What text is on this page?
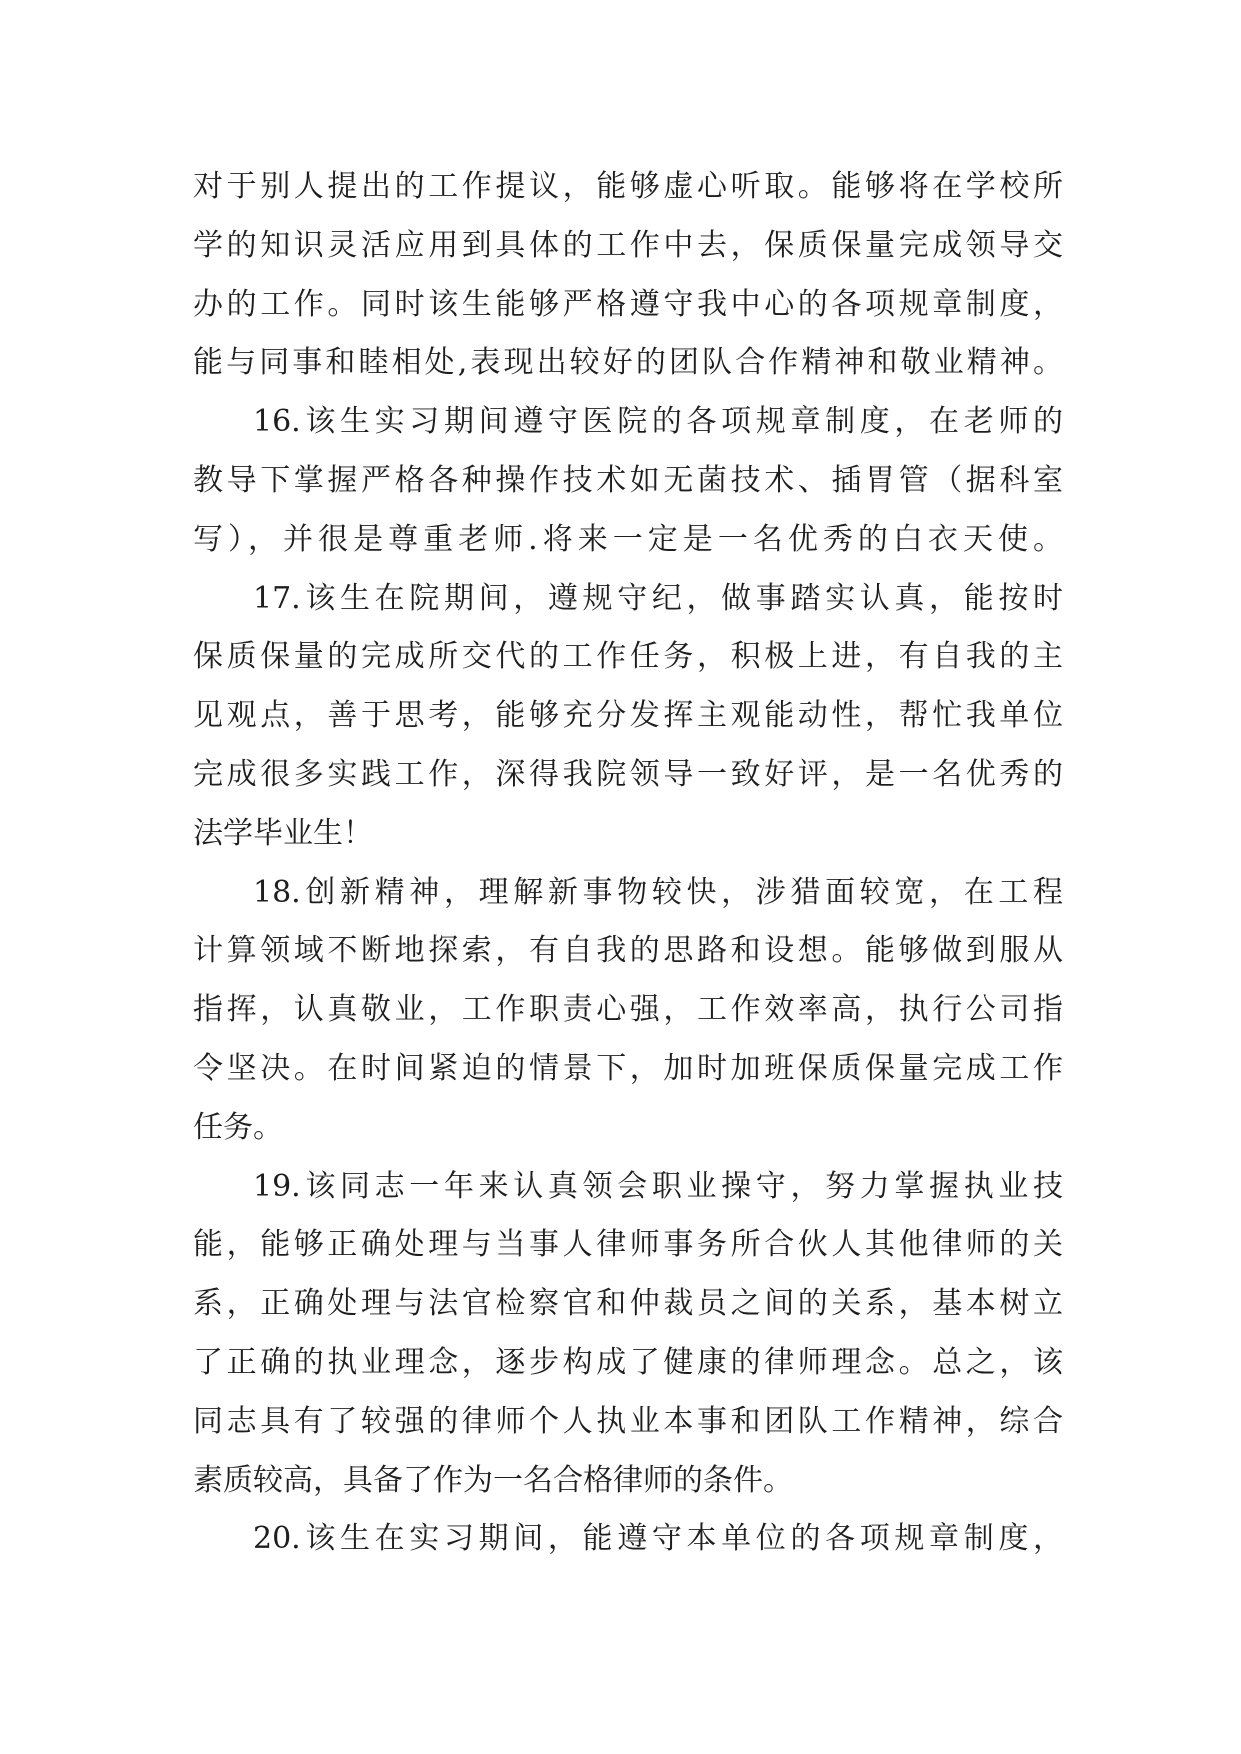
对于别人提出的工作提议，能够虚心听取。能够将在学校所
学的知识灵活应用到具体的工作中去，保质保量完成领导交
办的工作。同时该生能够严格遵守我中心的各项规章制度，
能与同事和睦相处,表现出较好的团队合作精神和敬业精神。
16.该生实习期间遵守医院的各项规章制度，在老师的
教导下掌握严格各种操作技术如无菌技术、插胃管（据科室
写），并很是尊重老师.将来一定是一名优秀的白衣天使。
17.该生在院期间，遵规守纪，做事踏实认真，能按时
保质保量的完成所交代的工作任务，积极上进，有自我的主
见观点，善于思考，能够充分发挥主观能动性，帮忙我单位
完成很多实践工作，深得我院领导一致好评，是一名优秀的
法学毕业生！
18.创新精神，理解新事物较快，涉猎面较宽，在工程
计算领域不断地探索，有自我的思路和设想。能够做到服从
指挥，认真敬业，工作职责心强，工作效率高，执行公司指
令坚决。在时间紧迫的情景下，加时加班保质保量完成工作
任务。
19.该同志一年来认真领会职业操守，努力掌握执业技
能，能够正确处理与当事人律师事务所合伙人其他律师的关
系，正确处理与法官检察官和仲裁员之间的关系，基本树立
了正确的执业理念，逐步构成了健康的律师理念。总之，该
同志具有了较强的律师个人执业本事和团队工作精神，综合
素质较高，具备了作为一名合格律师的条件。
20.该生在实习期间，能遵守本单位的各项规章制度，
